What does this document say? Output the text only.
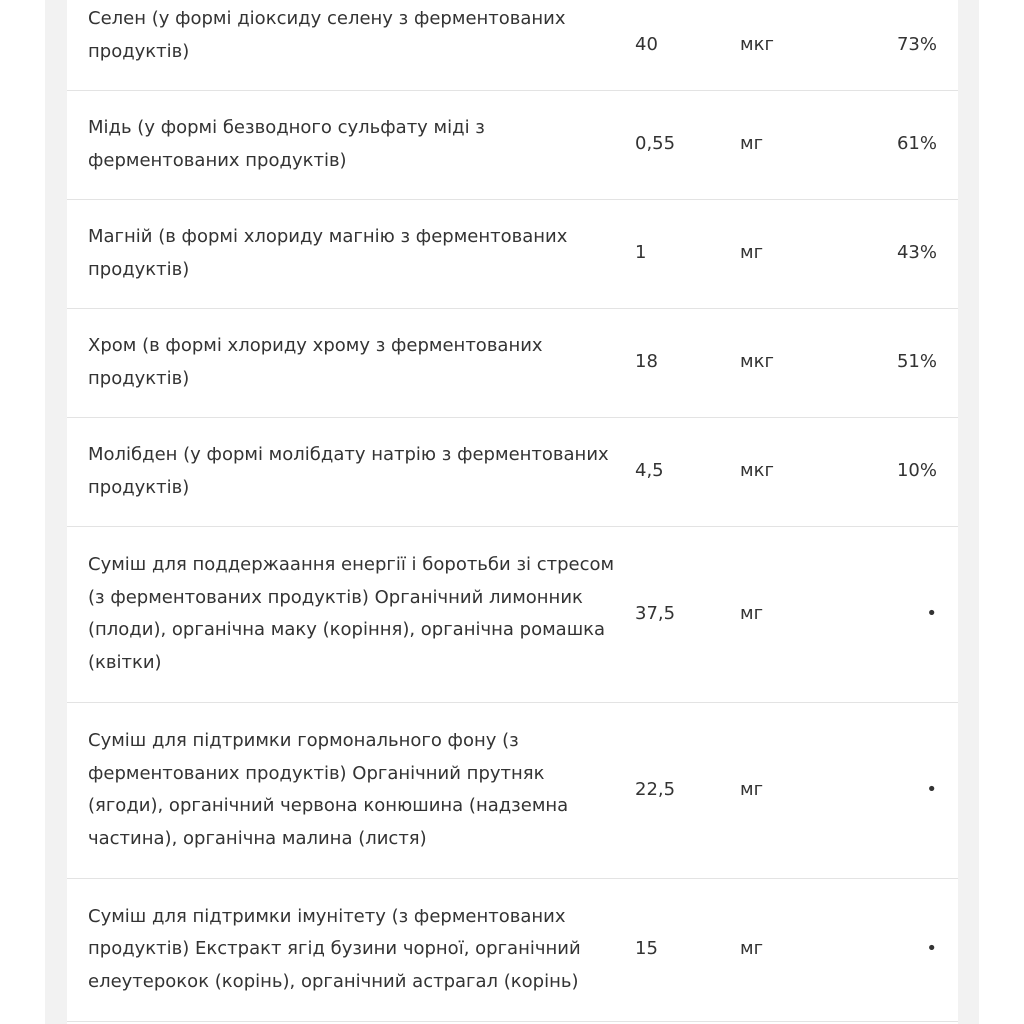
Селен (у формі діоксиду селену з ферментованих продуктів)	40	мкг	73%
Мідь (у формі безводного сульфату міді з ферментованих продуктів)	0,55	мг	61%
Магній (в формі хлориду магнію з ферментованих продуктів)	1	мг	43%
Хром (в формі хлориду хрому з ферментованих продуктів)	18	мкг	51%
Молібден (у формі молібдату натрію з ферментованих продуктів)	4,5	мкг	10%
Суміш для поддержаання енергії і боротьби зі стресом (з ферментованих продуктів) Органічний лимонник (плоди), органічна маку (коріння), органічна ромашка (квітки)	37,5	мг	•
Суміш для підтримки гормонального фону (з ферментованих продуктів) Органічний прутняк (ягоди), органічний червона конюшина (надземна частина), органічна малина (листя)	22,5	мг	•
Суміш для підтримки імунітету (з ферментованих продуктів) Екстракт ягід бузини чорної, органічний елеутерокок (корінь), органічний астрагал (корінь)	15	мг	•
